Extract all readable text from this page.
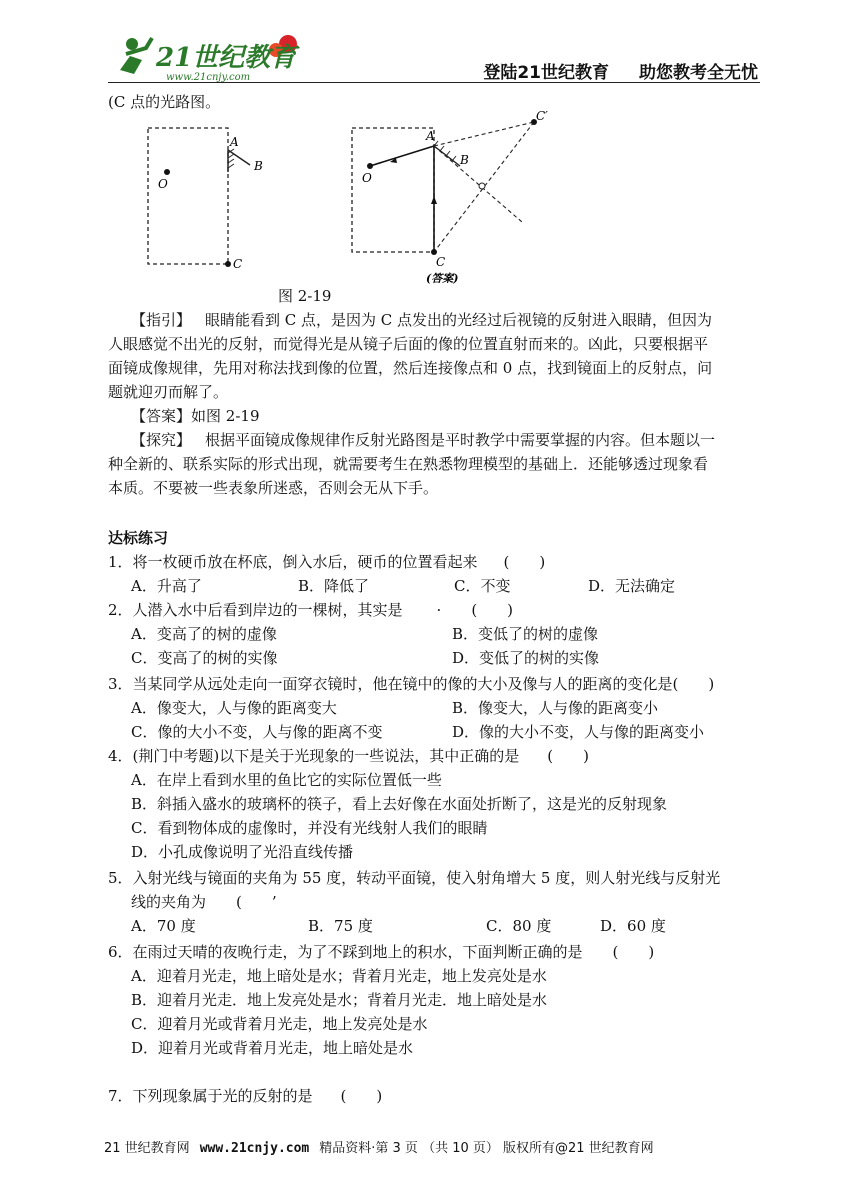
21世纪教育
www.21cnjy.com	登陆21世纪教育 助您教考全无忧
(C 点的光路图。
A
B
O
C
A
B
O
C
C′
(答案)
图 2-19
【指引】 眼睛能看到 C 点，是因为 C 点发出的光经过后视镜的反射进入眼睛，但因为
人眼感觉不出光的反射，而觉得光是从镜子后面的像的位置直射而来的。凶此，只要根据平
面镜成像规律，先用对称法找到像的位置，然后连接像点和 0 点，找到镜面上的反射点，问
题就迎刃而解了。
【答案】如图 2-19
【探究】 根据平面镜成像规律作反射光路图是平时教学中需要掌握的内容。但本题以一
种全新的、联系实际的形式出现，就需要考生在熟悉物理模型的基础上．还能够透过现象看
本质。不要被一些表象所迷惑，否则会无从下手。
达标练习
1．将一枚硬币放在杯底，倒入水后，硬币的位置看起来 (　　)
A．升高了	B．降低了	C．不变	D．无法确定
2．人潜入水中后看到岸边的一棵树，其实是 · (　　)
A．变高了的树的虚像	B．变低了的树的虚像
C．变高了的树的实像	D．变低了的树的实像
3．当某同学从远处走向一面穿衣镜时，他在镜中的像的大小及像与人的距离的变化是(　　)
A．像变大，人与像的距离变大	B．像变大，人与像的距离变小
C．像的大小不变，人与像的距离不变	D．像的大小不变，人与像的距离变小
4．(荆门中考题)以下是关于光现象的一些说法，其中正确的是 (　　)
A．在岸上看到水里的鱼比它的实际位置低一些
B．斜插入盛水的玻璃杯的筷子，看上去好像在水面处折断了，这是光的反射现象
C．看到物体成的虚像时，并没有光线射人我们的眼睛
D．小孔成像说明了光沿直线传播
5．入射光线与镜面的夹角为 55 度，转动平面镜，使入射角增大 5 度，则人射光线与反射光
线的夹角为 (　　’
A．70 度	B．75 度	C．80 度	D．60 度
6．在雨过天晴的夜晚行走，为了不踩到地上的积水，下面判断正确的是 (　　)
A．迎着月光走，地上暗处是水；背着月光走，地上发亮处是水
B．迎着月光走．地上发亮处是水；背着月光走．地上暗处是水
C．迎着月光或背着月光走，地上发亮处是水
D．迎着月光或背着月光走，地上暗处是水
7．下列现象属于光的反射的是 (　　)
21 世纪教育网 www.21cnjy.com 精品资料·第 3 页 （共 10 页） 版权所有@21 世纪教育网
